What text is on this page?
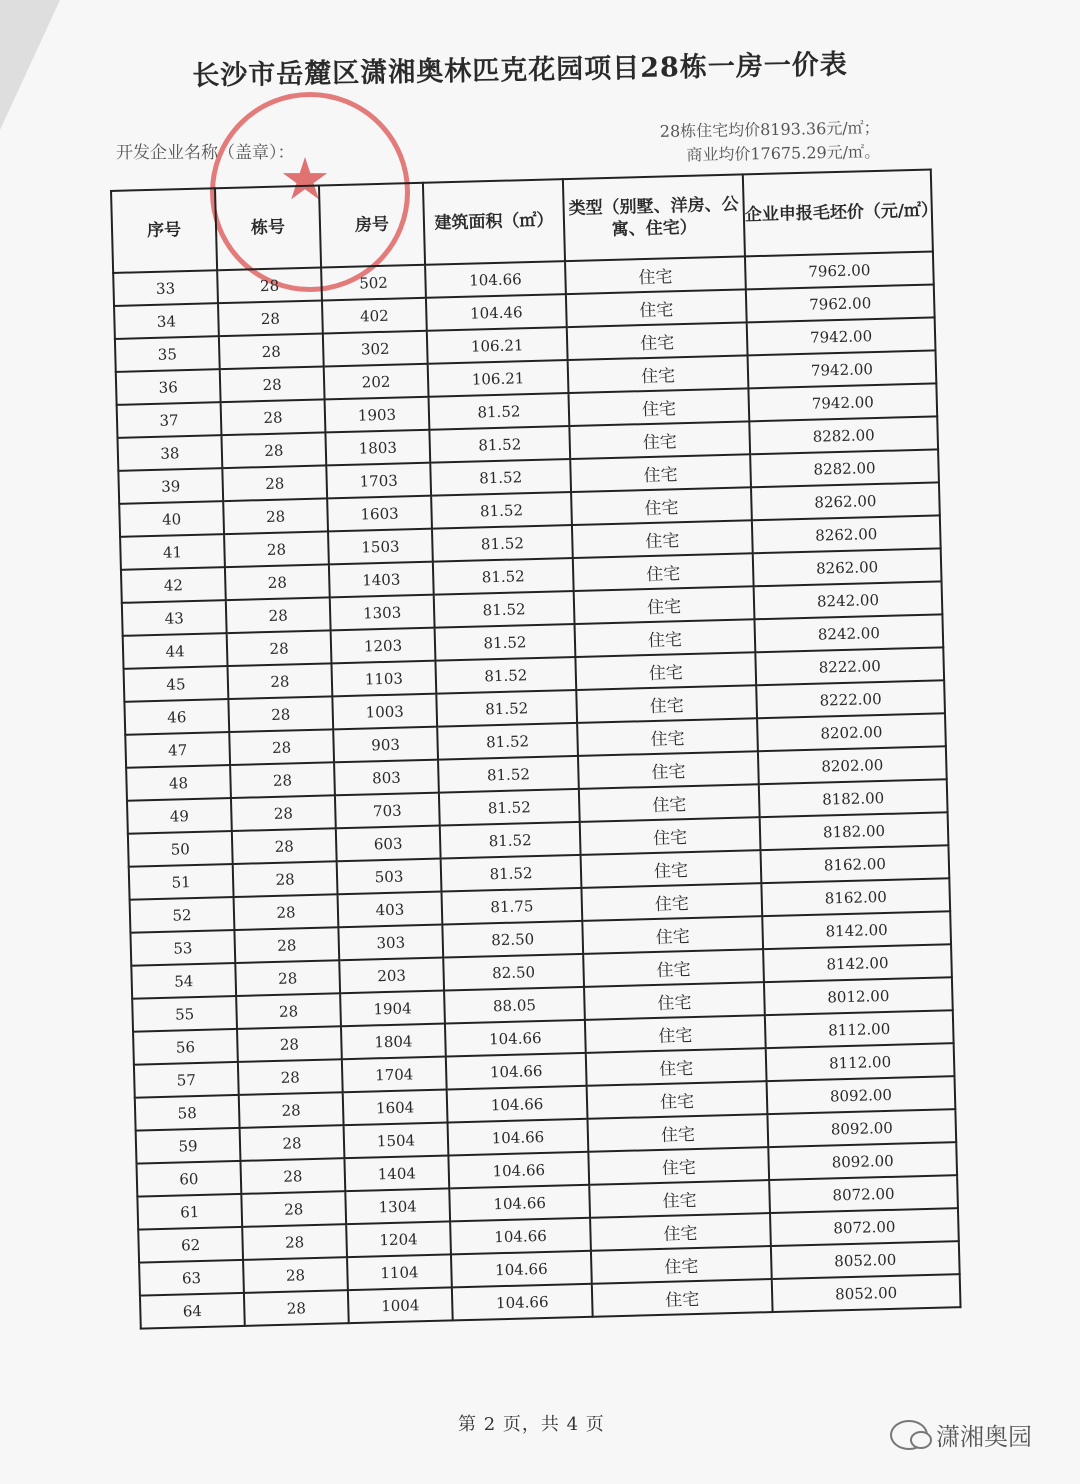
长沙市岳麓区潇湘奥林匹克花园项目28栋一房一价表
★
开发企业名称（盖章）：
28栋住宅均价8193.36元/㎡；
商业均价17675.29元/㎡。
序号	栋号	房号	建筑面积（㎡）	类型（别墅、洋房、公寓、住宅）	企业申报毛坯价（元/㎡）
33	28	502	104.66	住宅	7962.00
34	28	402	104.46	住宅	7962.00
35	28	302	106.21	住宅	7942.00
36	28	202	106.21	住宅	7942.00
37	28	1903	81.52	住宅	7942.00
38	28	1803	81.52	住宅	8282.00
39	28	1703	81.52	住宅	8282.00
40	28	1603	81.52	住宅	8262.00
41	28	1503	81.52	住宅	8262.00
42	28	1403	81.52	住宅	8262.00
43	28	1303	81.52	住宅	8242.00
44	28	1203	81.52	住宅	8242.00
45	28	1103	81.52	住宅	8222.00
46	28	1003	81.52	住宅	8222.00
47	28	903	81.52	住宅	8202.00
48	28	803	81.52	住宅	8202.00
49	28	703	81.52	住宅	8182.00
50	28	603	81.52	住宅	8182.00
51	28	503	81.52	住宅	8162.00
52	28	403	81.75	住宅	8162.00
53	28	303	82.50	住宅	8142.00
54	28	203	82.50	住宅	8142.00
55	28	1904	88.05	住宅	8012.00
56	28	1804	104.66	住宅	8112.00
57	28	1704	104.66	住宅	8112.00
58	28	1604	104.66	住宅	8092.00
59	28	1504	104.66	住宅	8092.00
60	28	1404	104.66	住宅	8092.00
61	28	1304	104.66	住宅	8072.00
62	28	1204	104.66	住宅	8072.00
63	28	1104	104.66	住宅	8052.00
64	28	1004	104.66	住宅	8052.00
第 2 页，共 4 页	潇湘奥园
